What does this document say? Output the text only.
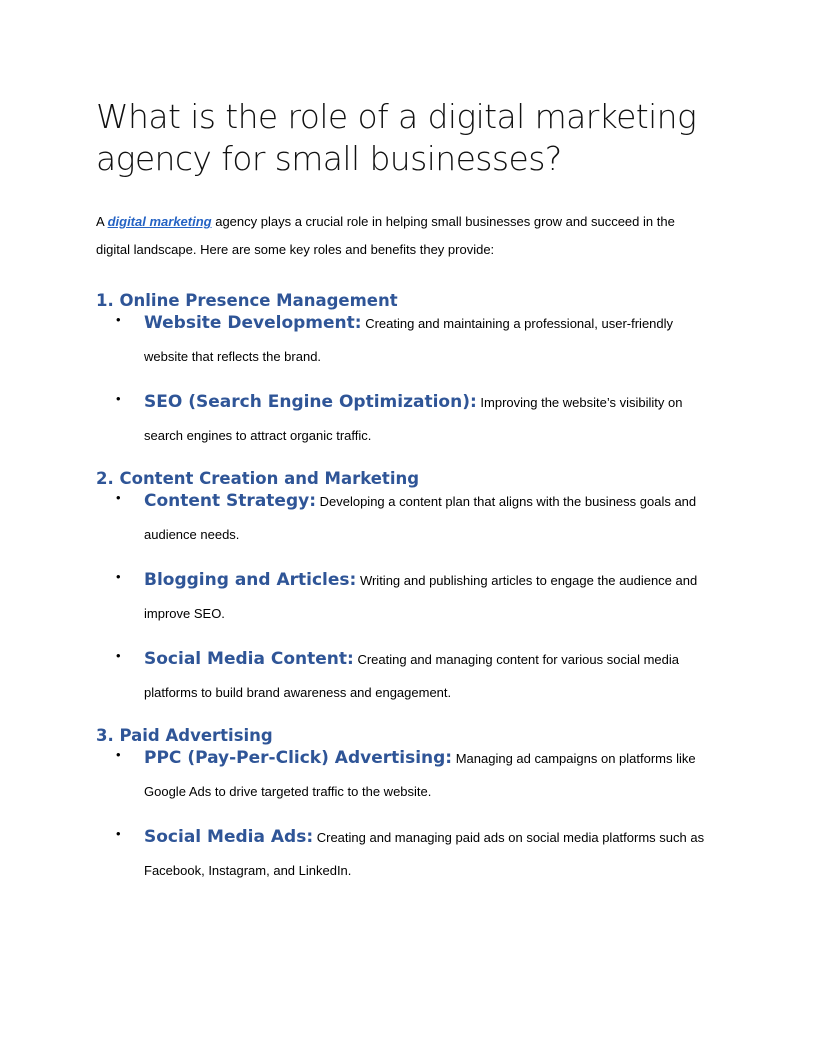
What is the role of a digital marketing
agency for small businesses?

A digital marketing agency plays a crucial role in helping small businesses grow and succeed in the
digital landscape. Here are some key roles and benefits they provide:

1. Online Presence Management
• Website Development: Creating and maintaining a professional, user-friendly
website that reflects the brand.
• SEO (Search Engine Optimization): Improving the website’s visibility on
search engines to attract organic traffic.
2. Content Creation and Marketing
• Content Strategy: Developing a content plan that aligns with the business goals and
audience needs.
• Blogging and Articles: Writing and publishing articles to engage the audience and
improve SEO.
• Social Media Content: Creating and managing content for various social media
platforms to build brand awareness and engagement.
3. Paid Advertising
• PPC (Pay-Per-Click) Advertising: Managing ad campaigns on platforms like
Google Ads to drive targeted traffic to the website.
• Social Media Ads: Creating and managing paid ads on social media platforms such as
Facebook, Instagram, and LinkedIn.
